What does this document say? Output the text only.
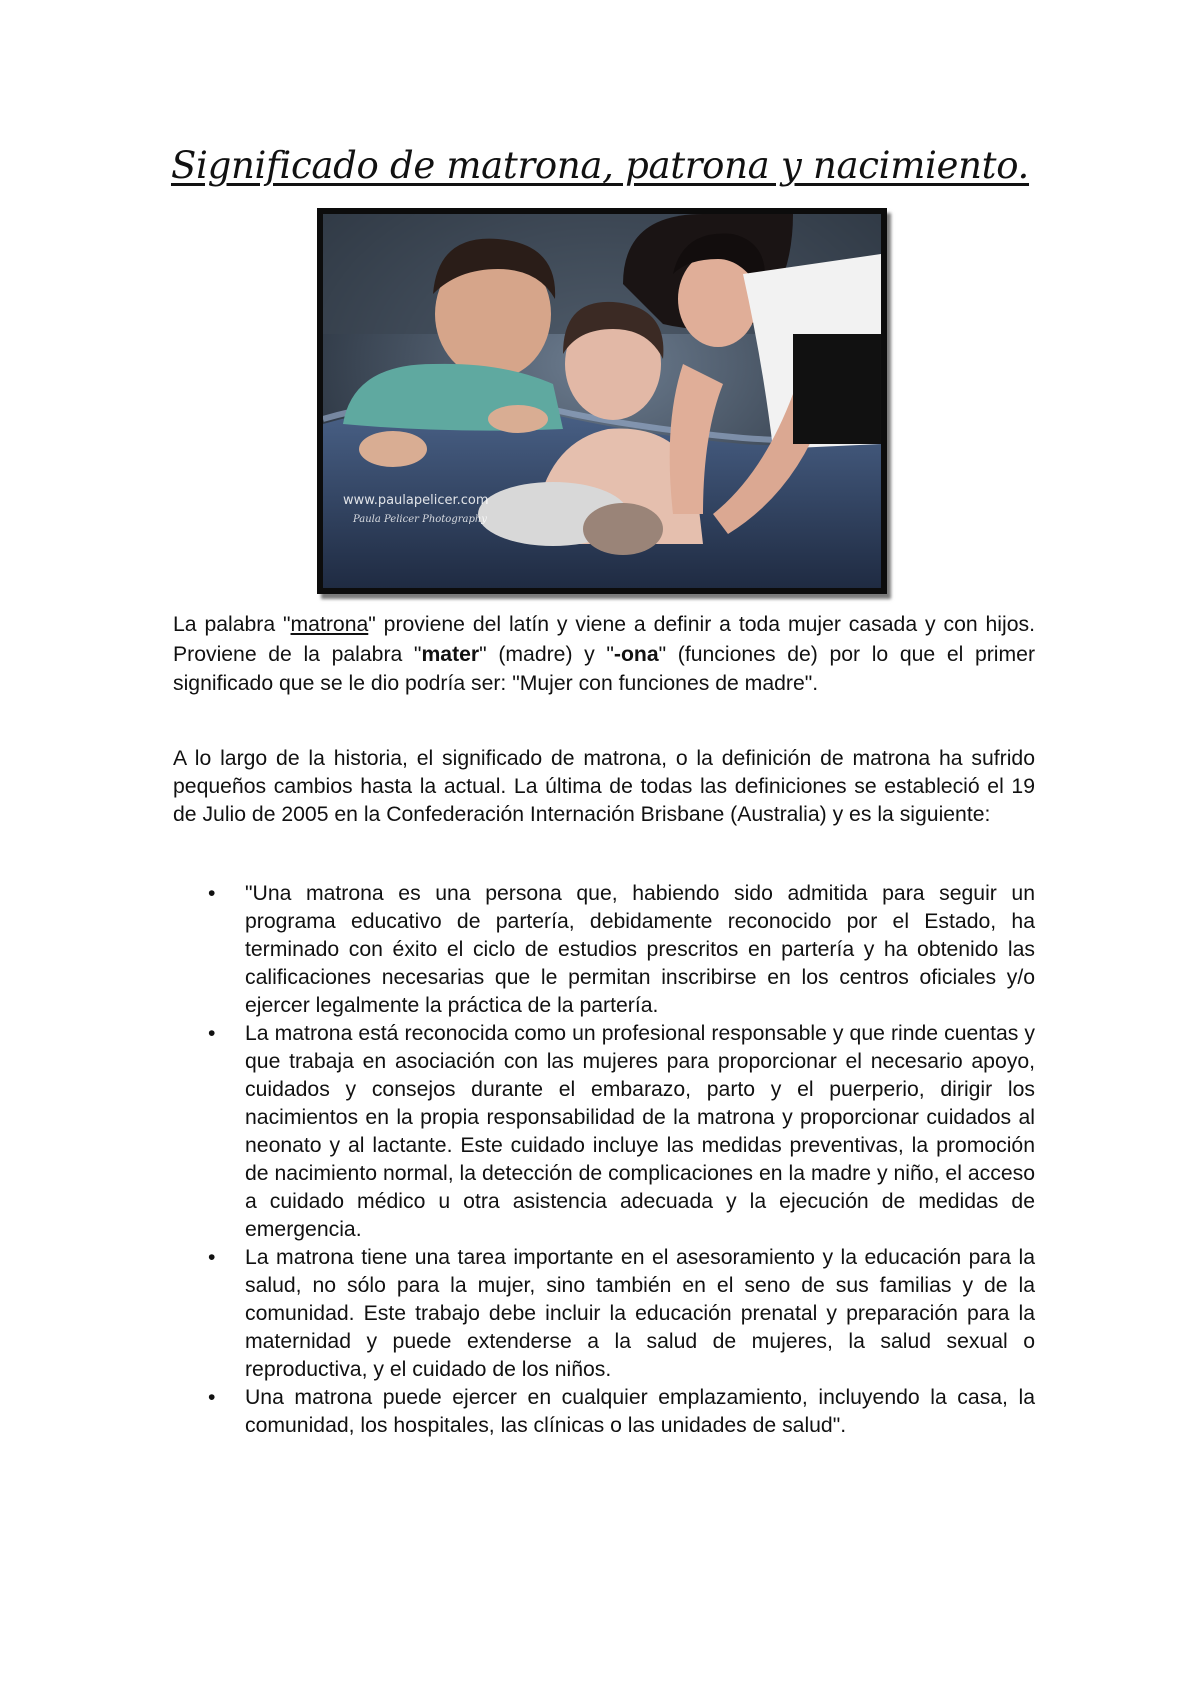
Significado de matrona, patrona y nacimiento.
www.paulapelicer.com
Paula Pelicer Photography

La palabra "matrona" proviene del latín y viene a definir a toda mujer casada y con hijos. Proviene de la palabra "mater" (madre) y "-ona" (funciones de) por lo que el primer significado que se le dio podría ser: "Mujer con funciones de madre".

A lo largo de la historia, el significado de matrona, o la definición de matrona ha sufrido pequeños cambios hasta la actual. La última de todas las definiciones se estableció el 19 de Julio de 2005 en la Confederación Internación Brisbane (Australia) y es la siguiente:

• "Una matrona es una persona que, habiendo sido admitida para seguir un programa educativo de partería, debidamente reconocido por el Estado, ha terminado con éxito el ciclo de estudios prescritos en partería y ha obtenido las calificaciones necesarias que le permitan inscribirse en los centros oficiales y/o ejercer legalmente la práctica de la partería.
• La matrona está reconocida como un profesional responsable y que rinde cuentas y que trabaja en asociación con las mujeres para proporcionar el necesario apoyo, cuidados y consejos durante el embarazo, parto y el puerperio, dirigir los nacimientos en la propia responsabilidad de la matrona y proporcionar cuidados al neonato y al lactante. Este cuidado incluye las medidas preventivas, la promoción de nacimiento normal, la detección de complicaciones en la madre y niño, el acceso a cuidado médico u otra asistencia adecuada y la ejecución de medidas de emergencia.
• La matrona tiene una tarea importante en el asesoramiento y la educación para la salud, no sólo para la mujer, sino también en el seno de sus familias y de la comunidad. Este trabajo debe incluir la educación prenatal y preparación para la maternidad y puede extenderse a la salud de mujeres, la salud sexual o reproductiva, y el cuidado de los niños.
• Una matrona puede ejercer en cualquier emplazamiento, incluyendo la casa, la comunidad, los hospitales, las clínicas o las unidades de salud".
